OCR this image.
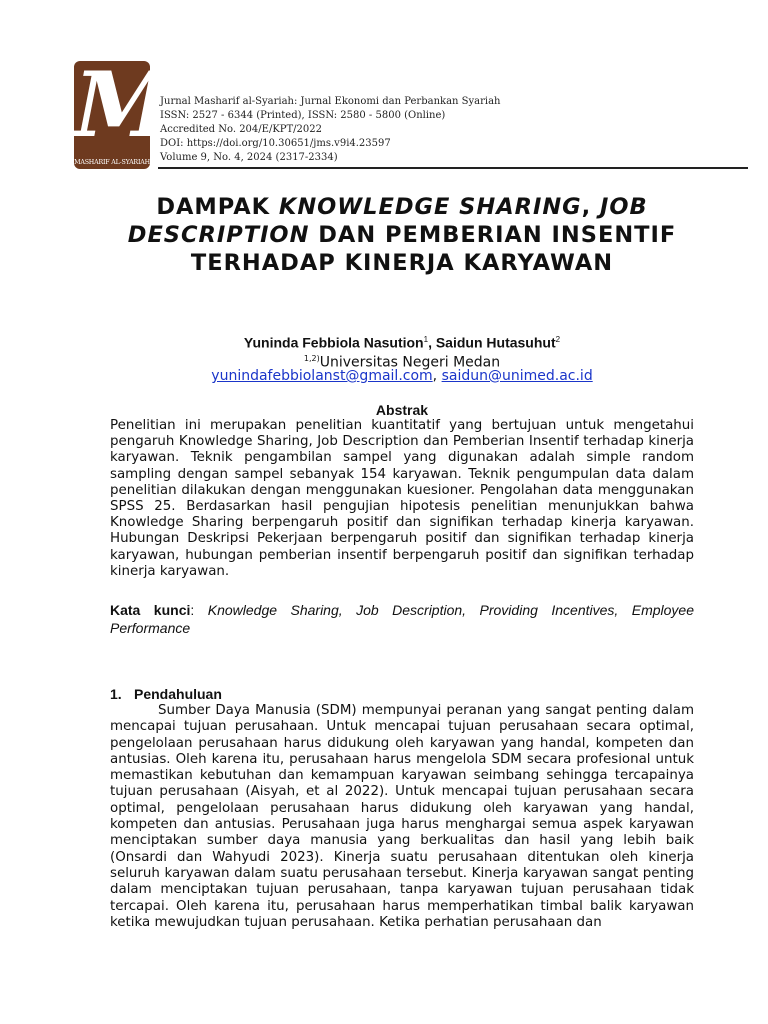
M
MASHARIF AL-SYARIAH
Jurnal Masharif al-Syariah: Jurnal Ekonomi dan Perbankan Syariah
ISSN: 2527 - 6344 (Printed), ISSN: 2580 - 5800 (Online)
Accredited No. 204/E/KPT/2022
DOI: https://doi.org/10.30651/jms.v9i4.23597
Volume 9, No. 4, 2024 (2317-2334)
DAMPAK KNOWLEDGE SHARING, JOB DESCRIPTION DAN PEMBERIAN INSENTIF TERHADAP KINERJA KARYAWAN
Yuninda Febbiola Nasution$^1$, Saidun Hutasuhut$^2$
$^{1,2)}$Universitas Negeri Medan
yunindafebbiolanst@gmail.com, saidun@unimed.ac.id
Abstrak

Penelitian ini merupakan penelitian kuantitatif yang bertujuan untuk mengetahui pengaruh Knowledge Sharing, Job Description dan Pemberian Insentif terhadap kinerja karyawan. Teknik pengambilan sampel yang digunakan adalah simple random sampling dengan sampel sebanyak 154 karyawan. Teknik pengumpulan data dalam penelitian dilakukan dengan menggunakan kuesioner. Pengolahan data menggunakan SPSS 25. Berdasarkan hasil pengujian hipotesis penelitian menunjukkan bahwa Knowledge Sharing berpengaruh positif dan signifikan terhadap kinerja karyawan. Hubungan Deskripsi Pekerjaan berpengaruh positif dan signifikan terhadap kinerja karyawan, hubungan pemberian insentif berpengaruh positif dan signifikan terhadap kinerja karyawan.

Kata kunci: Knowledge Sharing, Job Description, Providing Incentives, Employee Performance

1. Pendahuluan

Sumber Daya Manusia (SDM) mempunyai peranan yang sangat penting dalam mencapai tujuan perusahaan. Untuk mencapai tujuan perusahaan secara optimal, pengelolaan perusahaan harus didukung oleh karyawan yang handal, kompeten dan antusias. Oleh karena itu, perusahaan harus mengelola SDM secara profesional untuk memastikan kebutuhan dan kemampuan karyawan seimbang sehingga tercapainya tujuan perusahaan (Aisyah, et al 2022). Untuk mencapai tujuan perusahaan secara optimal, pengelolaan perusahaan harus didukung oleh karyawan yang handal, kompeten dan antusias. Perusahaan juga harus menghargai semua aspek karyawan menciptakan sumber daya manusia yang berkualitas dan hasil yang lebih baik (Onsardi dan Wahyudi 2023). Kinerja suatu perusahaan ditentukan oleh kinerja seluruh karyawan dalam suatu perusahaan tersebut. Kinerja karyawan sangat penting dalam menciptakan tujuan perusahaan, tanpa karyawan tujuan perusahaan tidak tercapai. Oleh karena itu, perusahaan harus memperhatikan timbal balik karyawan ketika mewujudkan tujuan perusahaan. Ketika perhatian perusahaan dan
